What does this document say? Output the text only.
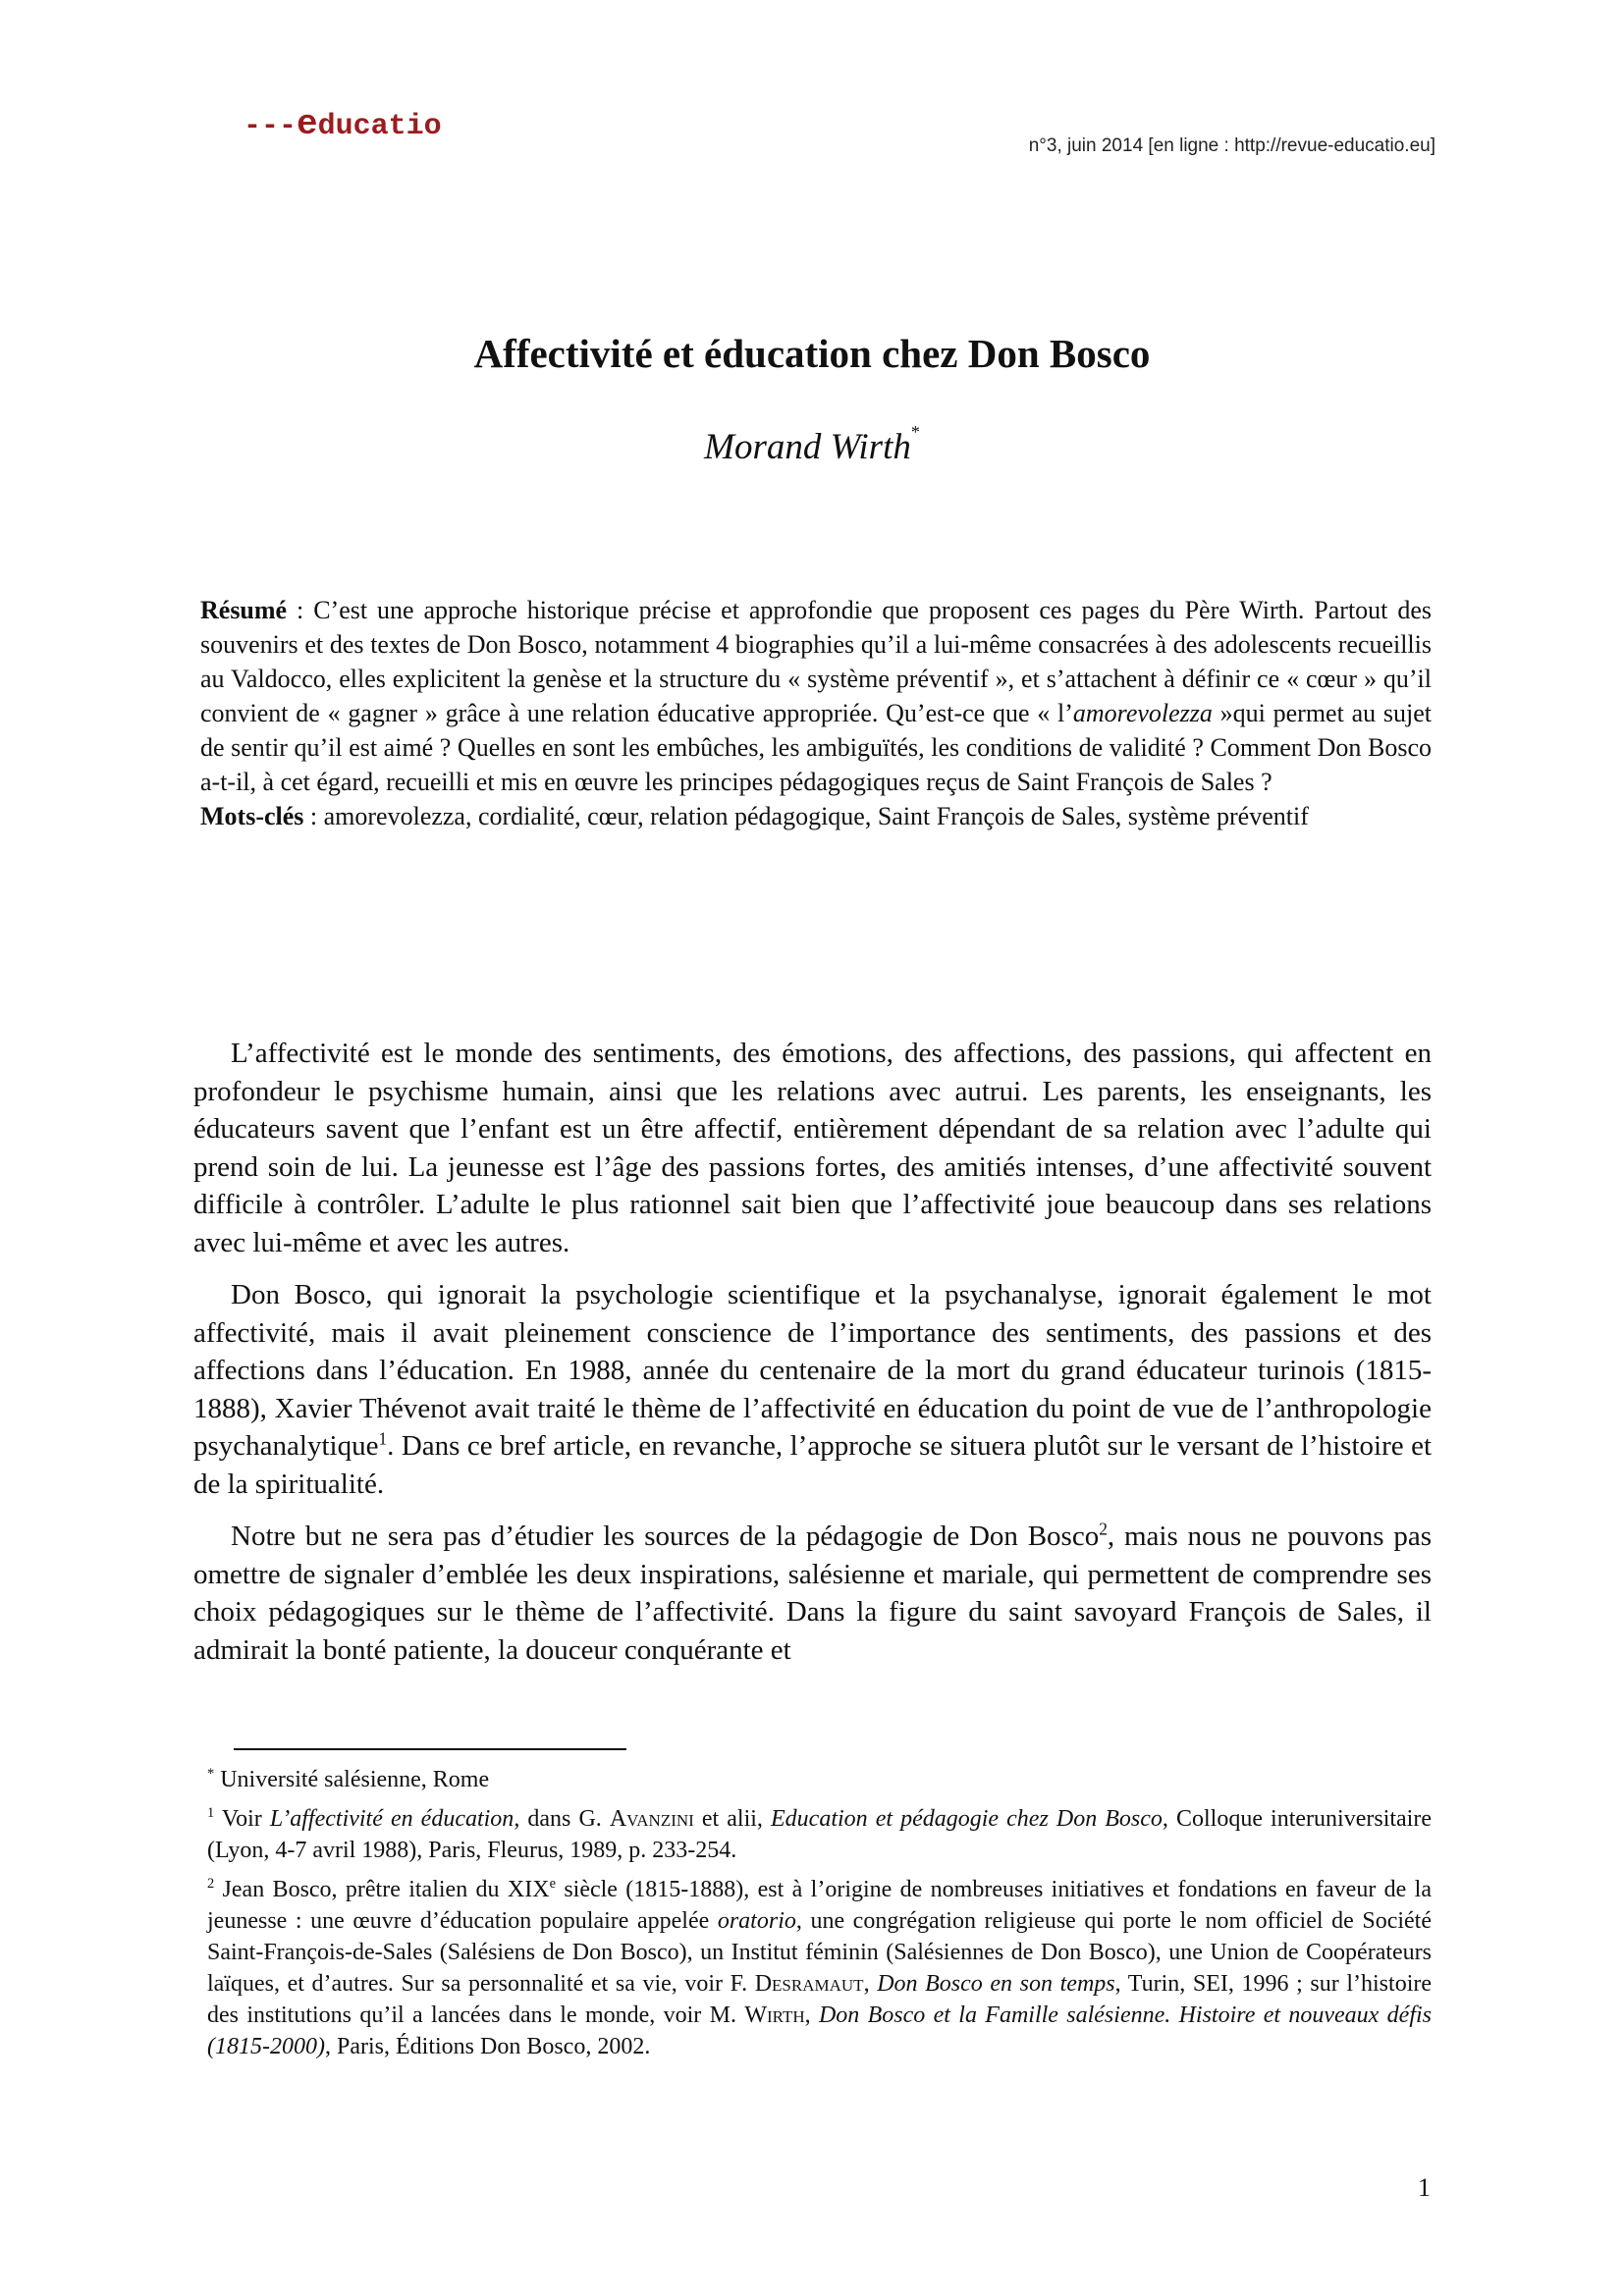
---educatio
n°3, juin 2014 [en ligne : http://revue-educatio.eu]
Affectivité et éducation chez Don Bosco
Morand Wirth*

Résumé : C’est une approche historique précise et approfondie que proposent ces pages du Père Wirth. Partout des souvenirs et des textes de Don Bosco, notamment 4 biographies qu’il a lui-même consacrées à des adolescents recueillis au Valdocco, elles explicitent la genèse et la structure du « système préventif », et s’attachent à définir ce « cœur » qu’il convient de « gagner » grâce à une relation éducative appropriée. Qu’est-ce que « l’amorevolezza »qui permet au sujet de sentir qu’il est aimé ? Quelles en sont les embûches, les ambiguïtés, les conditions de validité ? Comment Don Bosco a-t-il, à cet égard, recueilli et mis en œuvre les principes pédagogiques reçus de Saint François de Sales ?

Mots-clés : amorevolezza, cordialité, cœur, relation pédagogique, Saint François de Sales, système préventif

L’affectivité est le monde des sentiments, des émotions, des affections, des passions, qui affectent en profondeur le psychisme humain, ainsi que les relations avec autrui. Les parents, les enseignants, les éducateurs savent que l’enfant est un être affectif, entièrement dépendant de sa relation avec l’adulte qui prend soin de lui. La jeunesse est l’âge des passions fortes, des amitiés intenses, d’une affectivité souvent difficile à contrôler. L’adulte le plus rationnel sait bien que l’affectivité joue beaucoup dans ses relations avec lui-même et avec les autres.

Don Bosco, qui ignorait la psychologie scientifique et la psychanalyse, ignorait également le mot affectivité, mais il avait pleinement conscience de l’importance des sentiments, des passions et des affections dans l’éducation. En 1988, année du centenaire de la mort du grand éducateur turinois (1815-1888), Xavier Thévenot avait traité le thème de l’affectivité en éducation du point de vue de l’anthropologie psychanalytique$^1$. Dans ce bref article, en revanche, l’approche se situera plutôt sur le versant de l’histoire et de la spiritualité.

Notre but ne sera pas d’étudier les sources de la pédagogie de Don Bosco$^2$, mais nous ne pouvons pas omettre de signaler d’emblée les deux inspirations, salésienne et mariale, qui permettent de comprendre ses choix pédagogiques sur le thème de l’affectivité. Dans la figure du saint savoyard François de Sales, il admirait la bonté patiente, la douceur conquérante et

* Université salésienne, Rome

$^1$ Voir L’affectivité en éducation, dans G. Avanzini et alii, Education et pédagogie chez Don Bosco, Colloque interuniversitaire (Lyon, 4-7 avril 1988), Paris, Fleurus, 1989, p. 233-254.

$^2$ Jean Bosco, prêtre italien du XIXe siècle (1815-1888), est à l’origine de nombreuses initiatives et fondations en faveur de la jeunesse : une œuvre d’éducation populaire appelée oratorio, une congrégation religieuse qui porte le nom officiel de Société Saint-François-de-Sales (Salésiens de Don Bosco), un Institut féminin (Salésiennes de Don Bosco), une Union de Coopérateurs laïques, et d’autres. Sur sa personnalité et sa vie, voir F. Desramaut, Don Bosco en son temps, Turin, SEI, 1996 ; sur l’histoire des institutions qu’il a lancées dans le monde, voir M. Wirth, Don Bosco et la Famille salésienne. Histoire et nouveaux défis (1815-2000), Paris, Éditions Don Bosco, 2002.

1
